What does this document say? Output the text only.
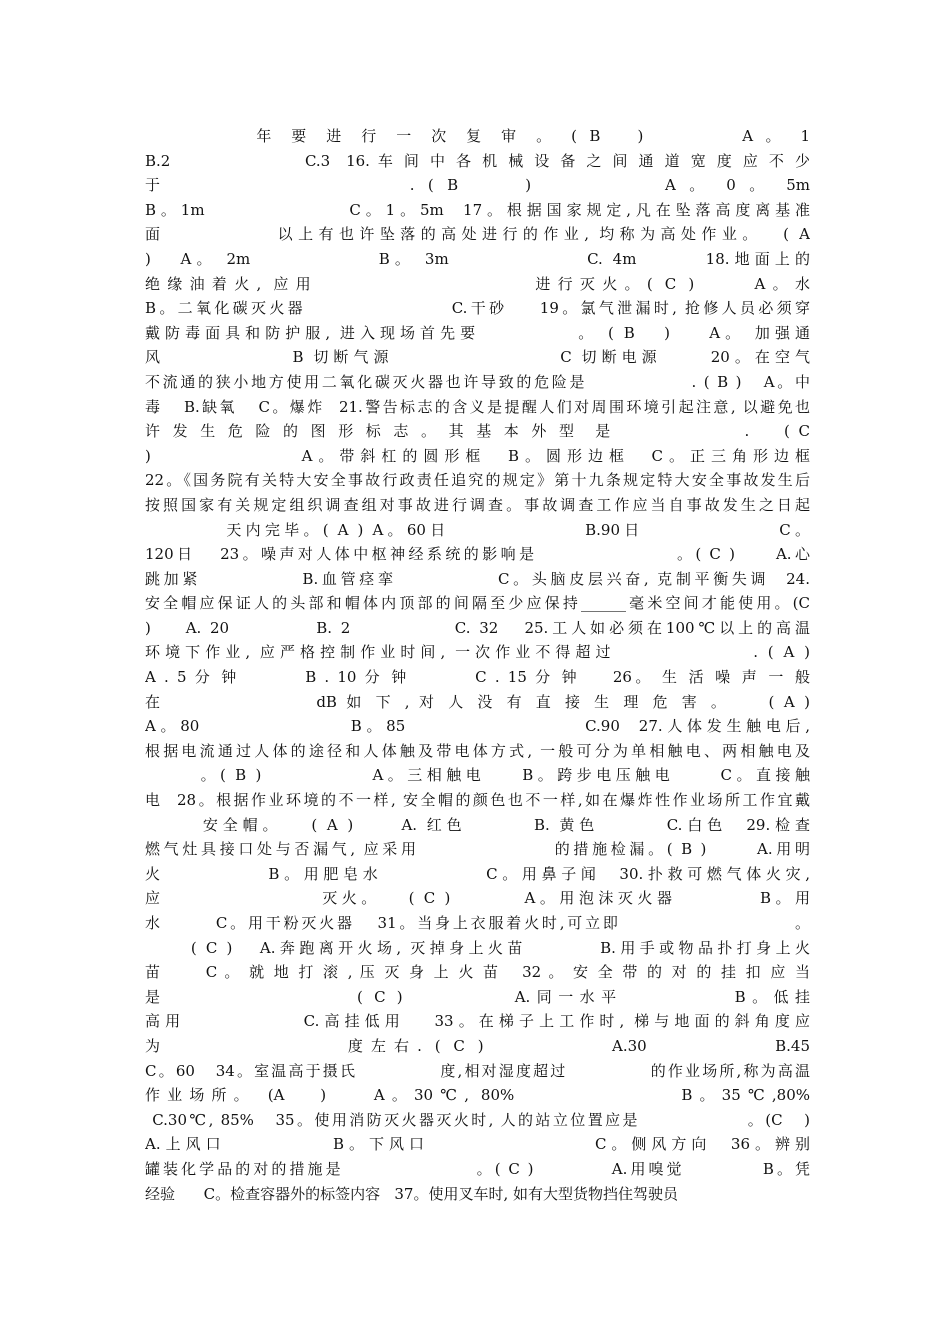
年 要 进 行 一 次 复 审 。 ( B   )        A 。 1
B.2                 C.3  16. 车 间 中 各 机 械 设 备 之 间 通 道 宽 度 应 不 少
于                  . ( B     )          A 。 0 。 5m
B。1m               C。1。5m  17。根据国家规定,凡在坠落高度离基准
面           以上有也许坠落的高处进行的作业, 均称为高处作业。  ( A
)   A。 2m             B。 3m              C. 4m       18.地面上的
绝缘油着火, 应用                  进行灭火。( C )     A。水
B。二氧化碳灭火器                  C.干砂    19。氯气泄漏时, 抢修人员必须穿
戴防毒面具和防护服, 进入现场首先要          。 ( B   )    A。 加强通
风             B 切断气源                 C 切断电源     20。在空气
不流通的狭小地方使用二氧化碳灭火器也许导致的危险是              . ( B )   A。中
毒   B.缺氧   C。爆炸  21.警告标志的含义是提醒人们对周围环境引起注意, 以避免也
许 发 生 危 险 的 图 形 标 志 。 其 基 本 外 型  是               .    ( C
)              A。带斜杠的圆形框  B。圆形边框  C。正三角形边框
22。《国务院有关特大安全事故行政责任追究的规定》第十九条规定特大安全事故发生后
按照国家有关规定组织调查组对事故进行调查。事故调查工作应当自事故发生之日起
天内完毕。( A ) A。60日               B.90日               C。
120日   23。噪声对人体中枢神经系统的影响是                 。( C )     A.心
跳加紧            B.血管痉挛            C。头脑皮层兴奋, 克制平衡失调  24.
安全帽应保证人的头部和帽体内顶部的间隔至少应保持______毫米空间才能使用。(C
)    A. 20          B. 2            C. 32   25.工人如必须在100℃以上的高温
环境下作业, 应严格控制作业时间, 一次作业不得超过              . ( A )
A . 5 分 钟        B . 10 分 钟        C . 15 分 钟    26。 生 活 噪 声 一 般
在                dB 如 下 , 对 人 没 有 直 接 生 理 危 害 。    ( A )
A。80                B。85                   C.90  27.人体发生触电后,
根据电流通过人体的途径和人体触及带电体方式, 一般可分为单相触电、两相触电及
。( B )            A。三相触电    B。跨步电压触电     C。直接触
电  28。根据作业环境的不一样, 安全帽的颜色也不一样,如在爆炸性作业场所工作宜戴
安全帽。   ( A )     A. 红色       B. 黄色       C.白色  29.检查
燃气灶具接口处与否漏气, 应采用                的措施检漏。( B )      A.用明
火           B。用肥皂水           C。用鼻子闻  30.扑救可燃气体火灾,
应                 灭火。   ( C )        A。用泡沫灭火器         B。用
水       C。用干粉灭火器   31。当身上衣服着火时,可立即                       。
( C )   A.奔跑离开火场, 灭掉身上火苗        B.用手或物品扑打身上火
苗      C 。 就 地 打 滚 , 压 灭 身 上 火 苗   32 。 安 全 带 的 对 的 挂 扣 应 当
是                 ( C )          A.同一水平          B。低挂
高用            C.高挂低用   33。在梯子上工作时, 梯与地面的斜角度应
为              度左右. ( C )          A.30          B.45
C。60   34。室温高于摄氏            度,相对湿度超过            的作业场所,称为高温
作业场所。 (A   )    A。30℃, 80%              B。35℃,80%
C.30℃, 85%   35。使用消防灭火器灭火时, 人的站立位置应是               。(C   )
A.上风口           B。下风口                 C。侧风方向  36。辨别
罐装化学品的对的措施是                 。( C )          A.用嗅觉          B。凭
经验      C。检查容器外的标签内容   37。使用叉车时, 如有大型货物挡住驾驶员
